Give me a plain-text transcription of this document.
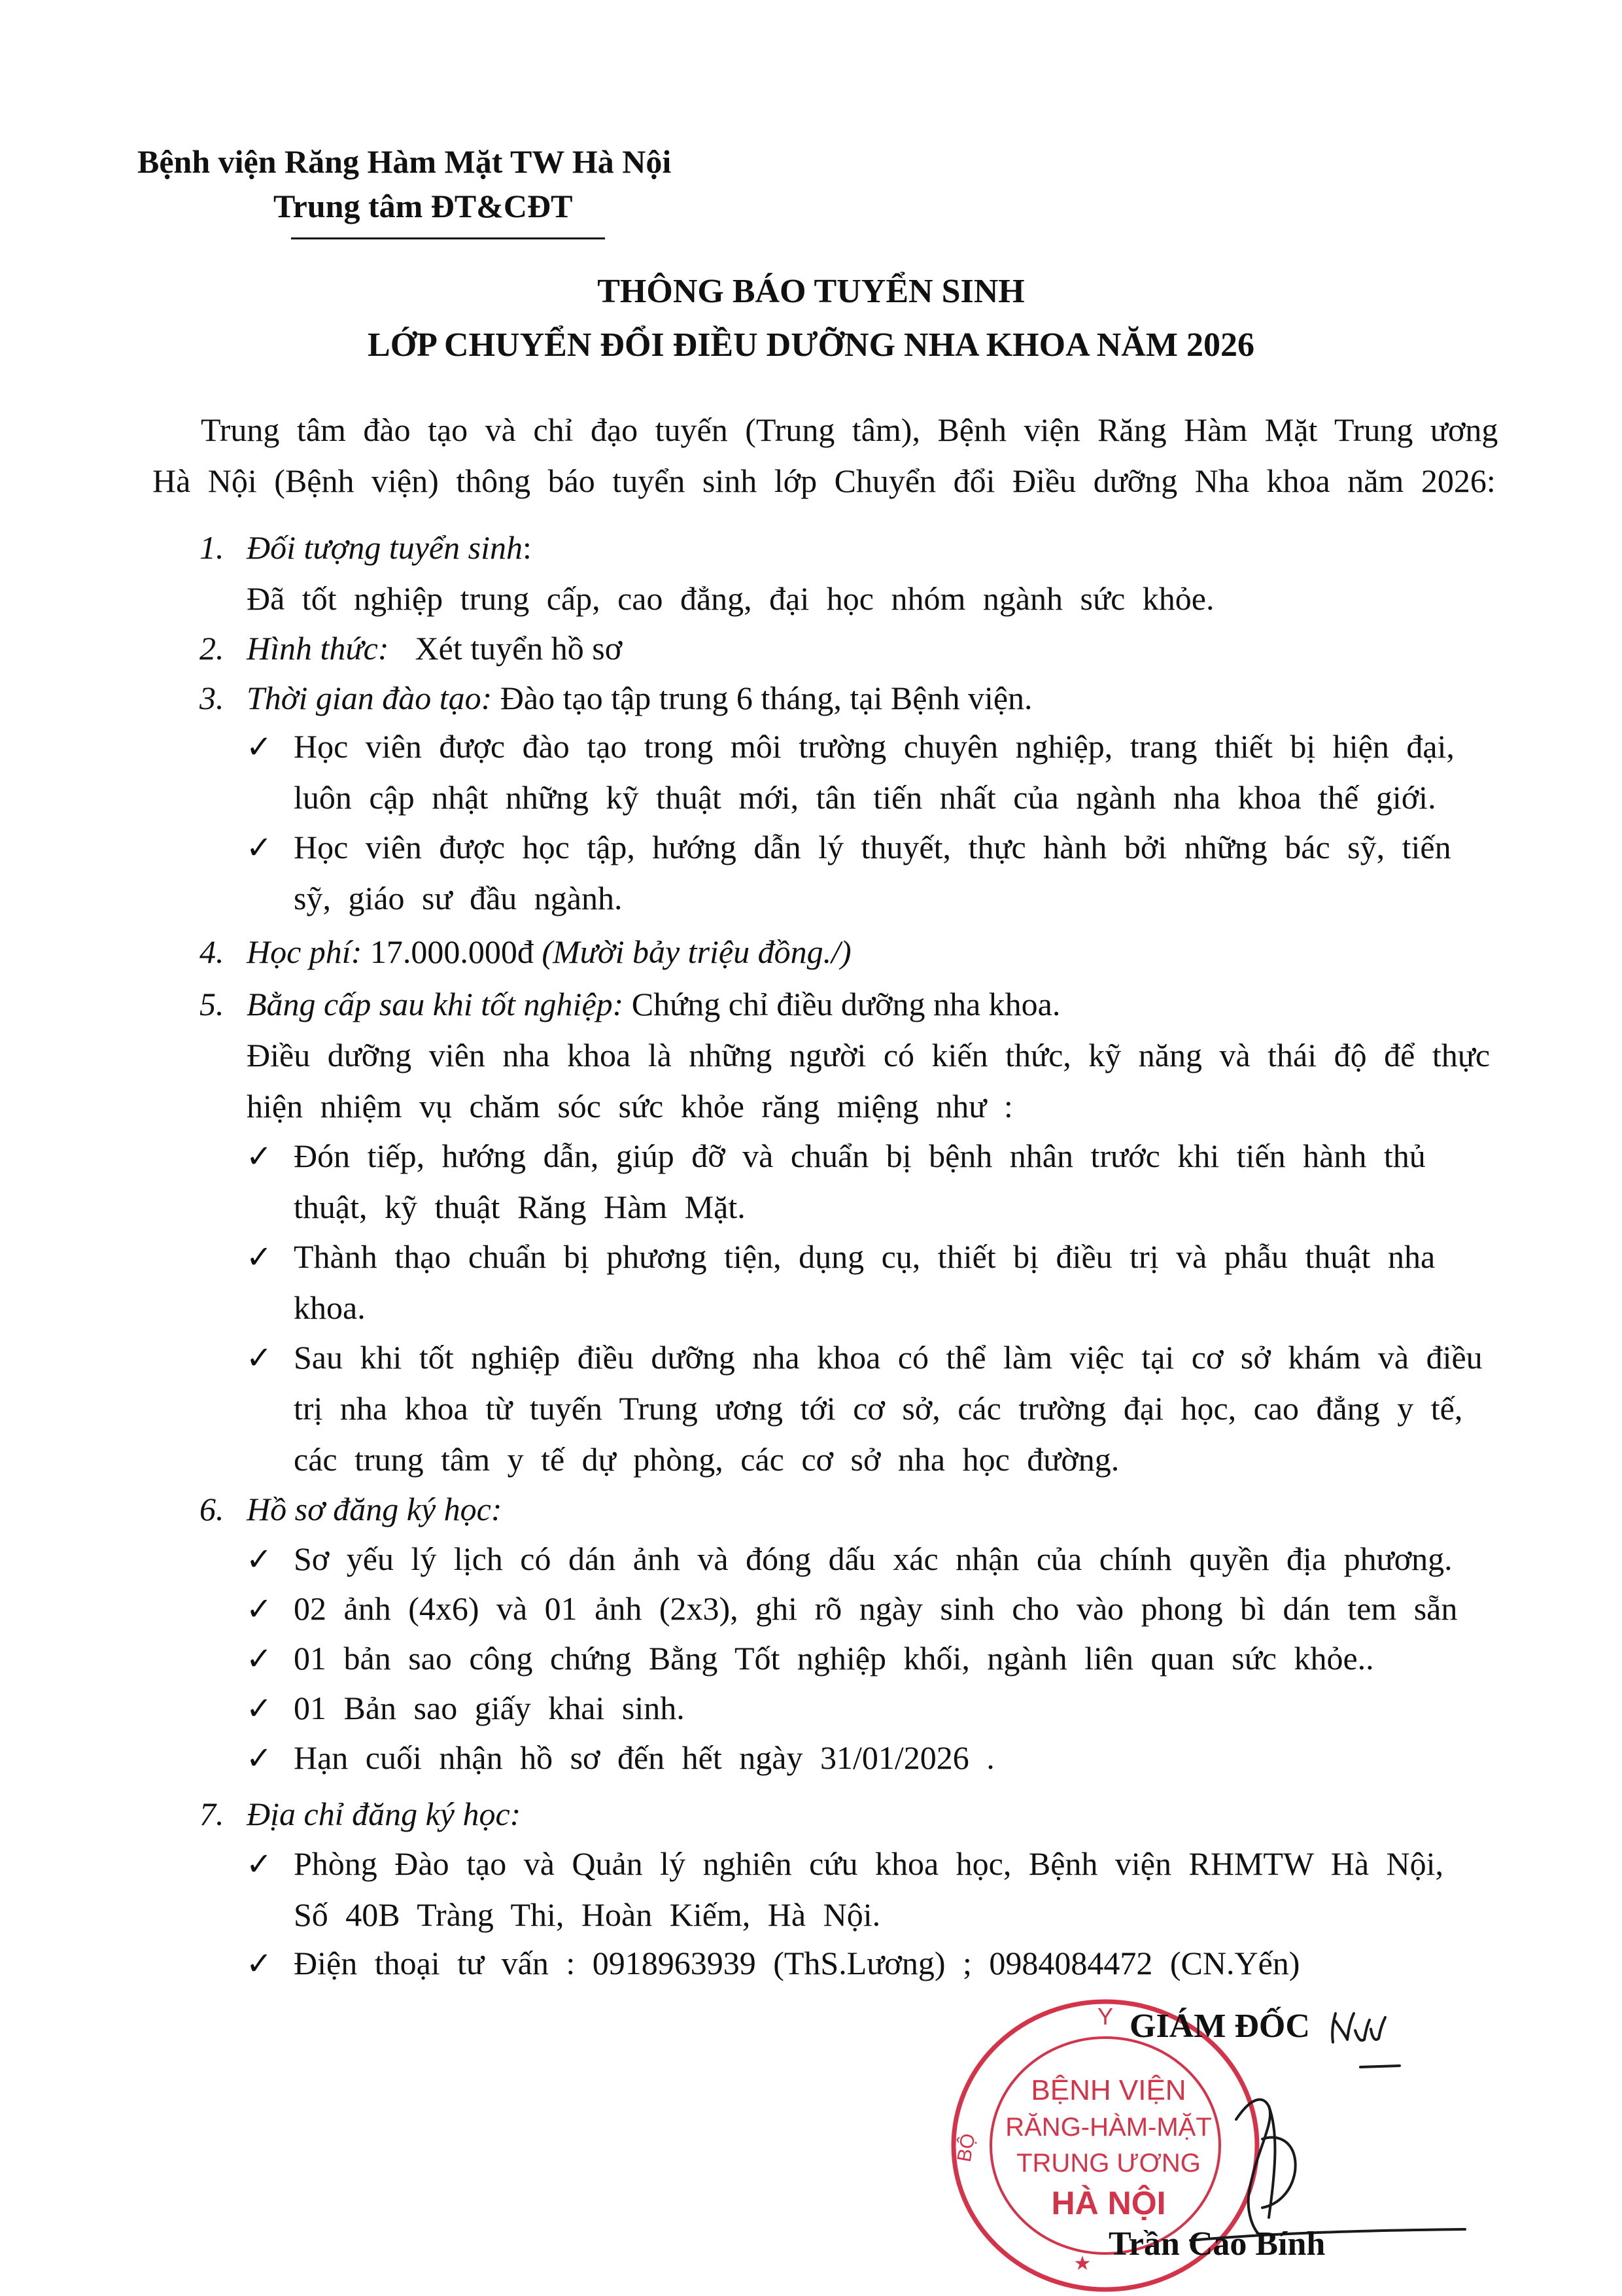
Bệnh viện Răng Hàm Mặt TW Hà Nội
Trung tâm ĐT&CĐT
THÔNG BÁO TUYỂN SINH
LỚP CHUYỂN ĐỔI ĐIỀU DƯỠNG NHA KHOA NĂM 2026
Trung tâm đào tạo và chỉ đạo tuyến (Trung tâm), Bệnh viện Răng Hàm Mặt Trung ương
Hà Nội (Bệnh viện) thông báo tuyển sinh lớp Chuyển đổi Điều dưỡng Nha khoa năm 2026:
1. Đối tượng tuyển sinh:
Đã tốt nghiệp trung cấp, cao đẳng, đại học nhóm ngành sức khỏe.
2. Hình thức: Xét tuyển hồ sơ
3. Thời gian đào tạo: Đào tạo tập trung 6 tháng, tại Bệnh viện.
✓ Học viên được đào tạo trong môi trường chuyên nghiệp, trang thiết bị hiện đại,
luôn cập nhật những kỹ thuật mới, tân tiến nhất của ngành nha khoa thế giới.
✓ Học viên được học tập, hướng dẫn lý thuyết, thực hành bởi những bác sỹ, tiến
sỹ, giáo sư đầu ngành.
4. Học phí: 17.000.000đ (Mười bảy triệu đồng./)
5. Bằng cấp sau khi tốt nghiệp: Chứng chỉ điều dưỡng nha khoa.
Điều dưỡng viên nha khoa là những người có kiến thức, kỹ năng và thái độ để thực
hiện nhiệm vụ chăm sóc sức khỏe răng miệng như :
✓ Đón tiếp, hướng dẫn, giúp đỡ và chuẩn bị bệnh nhân trước khi tiến hành thủ
thuật, kỹ thuật Răng Hàm Mặt.
✓ Thành thạo chuẩn bị phương tiện, dụng cụ, thiết bị điều trị và phẫu thuật nha
khoa.
✓ Sau khi tốt nghiệp điều dưỡng nha khoa có thể làm việc tại cơ sở khám và điều
trị nha khoa từ tuyến Trung ương tới cơ sở, các trường đại học, cao đẳng y tế,
các trung tâm y tế dự phòng, các cơ sở nha học đường.
6. Hồ sơ đăng ký học:
✓ Sơ yếu lý lịch có dán ảnh và đóng dấu xác nhận của chính quyền địa phương.
✓ 02 ảnh (4x6) và 01 ảnh (2x3), ghi rõ ngày sinh cho vào phong bì dán tem sẵn
✓ 01 bản sao công chứng Bằng Tốt nghiệp khối, ngành liên quan sức khỏe..
✓ 01 Bản sao giấy khai sinh.
✓ Hạn cuối nhận hồ sơ đến hết ngày 31/01/2026 .
7. Địa chỉ đăng ký học:
✓ Phòng Đào tạo và Quản lý nghiên cứu khoa học, Bệnh viện RHMTW Hà Nội,
Số 40B Tràng Thi, Hoàn Kiếm, Hà Nội.
✓ Điện thoại tư vấn : 0918963939 (ThS.Lương) ; 0984084472 (CN.Yến)
Y
BỘ
BỆNH VIỆN
RĂNG-HÀM-MẶT
TRUNG ƯƠNG
HÀ NỘI
★
GIÁM ĐỐC
Trần Cao Bính
